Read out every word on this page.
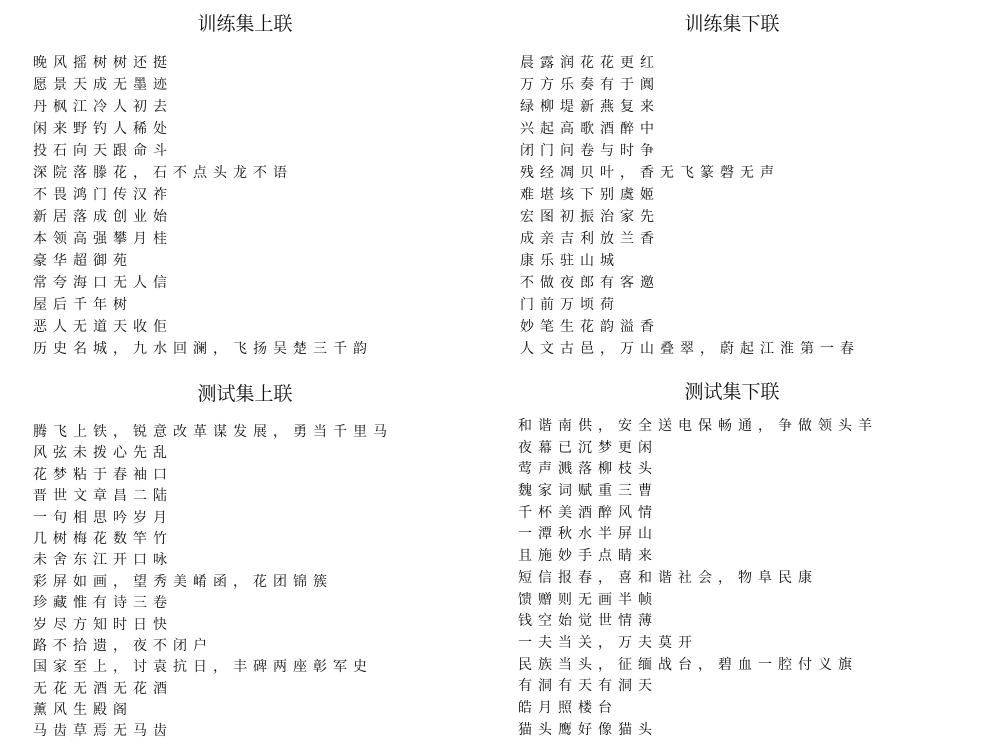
训练集上联
晚风摇树树还挺
愿景天成无墨迹
丹枫江冷人初去
闲来野钓人稀处
投石向天跟命斗
深院落滕花，石不点头龙不语
不畏鸿门传汉祚
新居落成创业始
本领高强攀月桂
豪华超御苑
常夸海口无人信
屋后千年树
恶人无道天收佢
历史名城，九水回澜，飞扬吴楚三千韵
训练集下联
晨露润花花更红
万方乐奏有于阗
绿柳堤新燕复来
兴起高歌酒醉中
闭门问卷与时争
残经凋贝叶，香无飞篆磬无声
难堪垓下别虞姬
宏图初振治家先
成亲吉利放兰香
康乐驻山城
不做夜郎有客邀
门前万顷荷
妙笔生花韵溢香
人文古邑，万山叠翠，蔚起江淮第一春
测试集上联
腾飞上铁，锐意改革谋发展，勇当千里马
风弦未拨心先乱
花梦粘于春袖口
晋世文章昌二陆
一句相思吟岁月
几树梅花数竿竹
未舍东江开口咏
彩屏如画，望秀美崤函，花团锦簇
珍藏惟有诗三卷
岁尽方知时日快
路不拾遗，夜不闭户
国家至上，讨袁抗日，丰碑两座彰军史
无花无酒无花酒
薰风生殿阁
马齿草焉无马齿
测试集下联
和谐南供，安全送电保畅通，争做领头羊
夜幕已沉梦更闲
莺声溅落柳枝头
魏家词赋重三曹
千杯美酒醉风情
一潭秋水半屏山
且施妙手点睛来
短信报春，喜和谐社会，物阜民康
馈赠则无画半帧
钱空始觉世情薄
一夫当关，万夫莫开
民族当头，征缅战台，碧血一腔付义旗
有洞有天有洞天
皓月照楼台
猫头鹰好像猫头
